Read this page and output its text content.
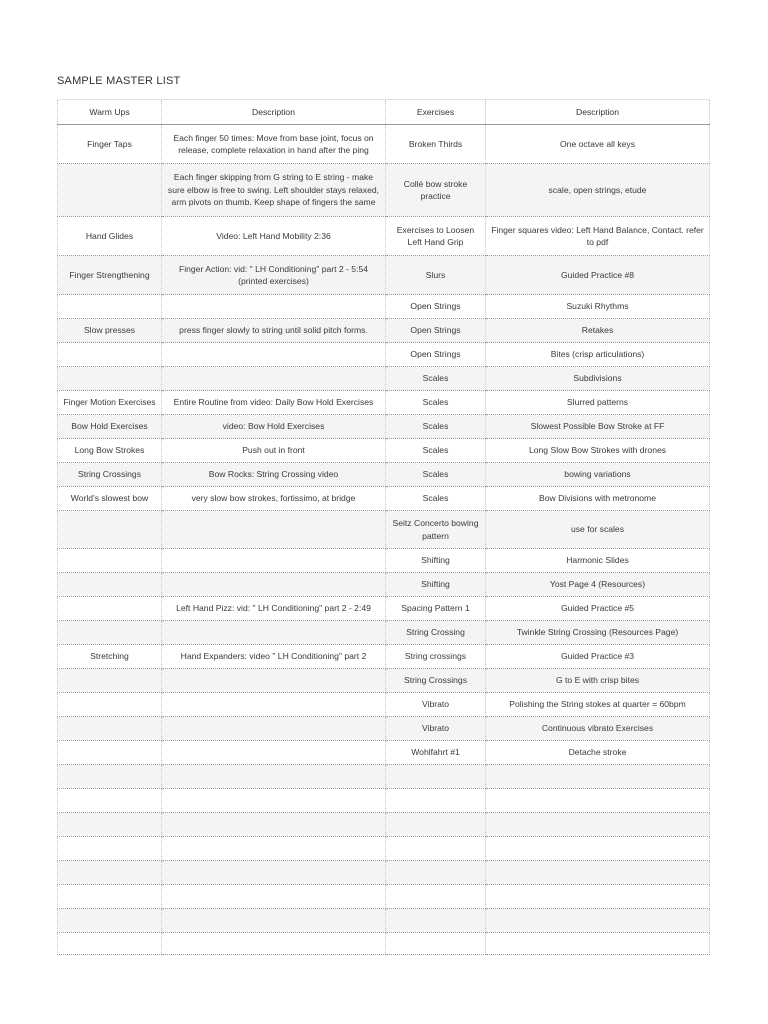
SAMPLE MASTER LIST
Warm Ups	Description	Exercises	Description
Finger Taps	Each finger 50 times: Move from base joint, focus on release, complete relaxation in hand after the ping	Broken Thirds	One octave all keys
	Each finger skipping from G string to E string - make sure elbow is free to swing. Left shoulder stays relaxed, arm pivots on thumb. Keep shape of fingers the same	Collé bow stroke practice	scale, open strings, etude
Hand Glides	Video: Left Hand Mobility 2:36	Exercises to Loosen Left Hand Grip	Finger squares video: Left Hand Balance, Contact. refer to pdf
Finger Strengthening	Finger Action: vid: " LH Conditioning" part 2 - 5:54 (printed exercises)	Slurs	Guided Practice #8
		Open Strings	Suzuki Rhythms
Slow presses	press finger slowly to string until solid pitch forms.	Open Strings	Retakes
		Open Strings	Bites (crisp articulations)
		Scales	Subdivisions
Finger Motion Exercises	Entire Routine from video: Daily Bow Hold Exercises	Scales	Slurred patterns
Bow Hold Exercises	video: Bow Hold Exercises	Scales	Slowest Possible Bow Stroke at FF
Long Bow Strokes	Push out in front	Scales	Long Slow Bow Strokes with drones
String Crossings	Bow Rocks: String Crossing video	Scales	bowing variations
World's slowest bow	very slow bow strokes, fortissimo, at bridge	Scales	Bow Divisions with metronome
		Seitz Concerto bowing pattern	use for scales
		Shifting	Harmonic Slides
		Shifting	Yost Page 4 (Resources)
	Left Hand Pizz: vid: " LH Conditioning" part 2 - 2:49	Spacing Pattern 1	Guided Practice #5
		String Crossing	Twinkle String Crossing (Resources Page)
Stretching	Hand Expanders: video " LH Conditioning" part 2	String crossings	Guided Practice #3
		String Crossings	G to E with crisp bites
		Vibrato	Polishing the String stokes at quarter = 60bpm
		Vibrato	Continuous vibrato Exercises
		Wohlfahrt #1	Detache stroke
